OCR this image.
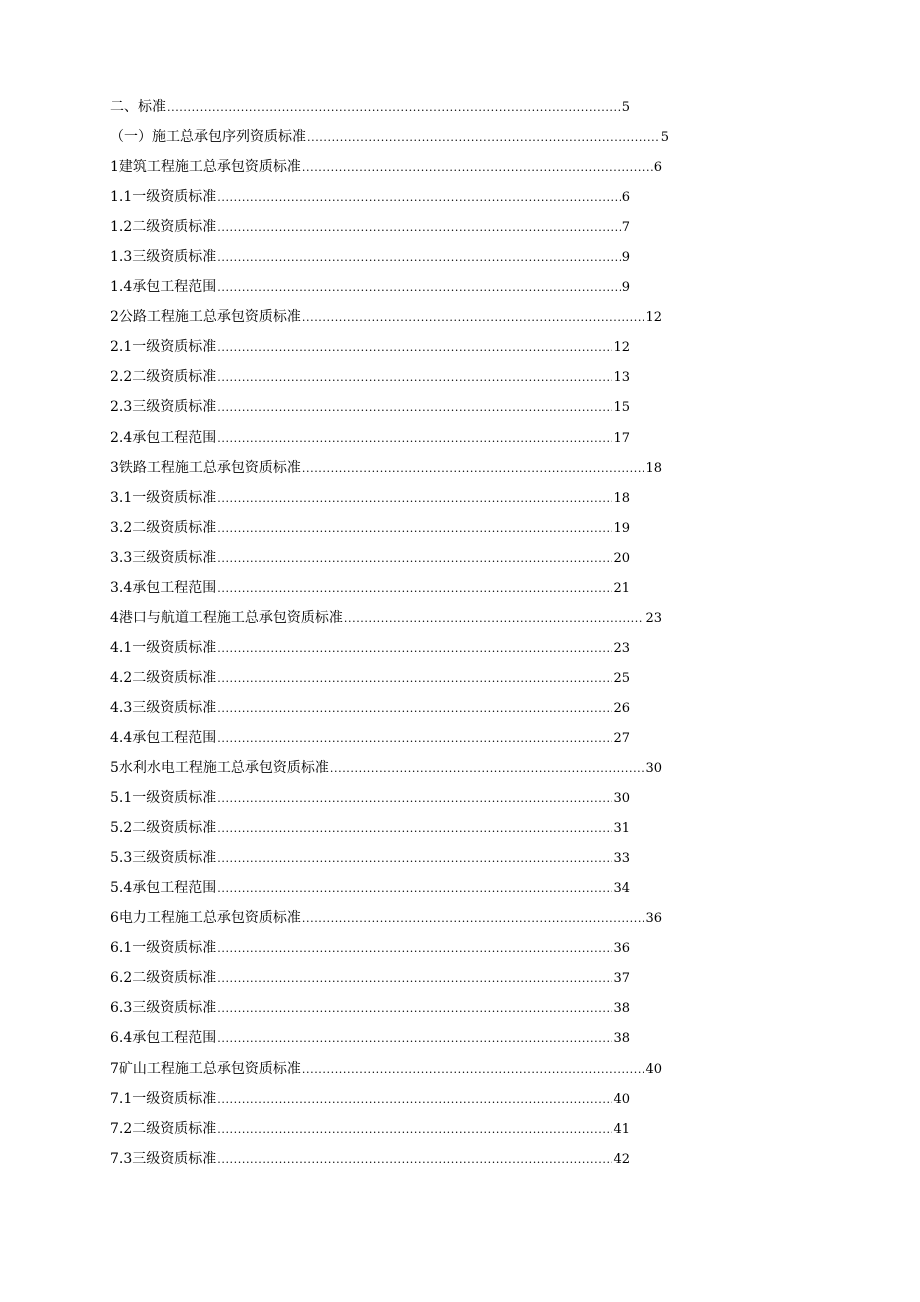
二、标准 .....	5
（一）施工总承包序列资质标准 .....	5
1建筑工程施工总承包资质标准 .....	6
1.1一级资质标准 .....	6
1.2二级资质标准 .....	7
1.3三级资质标准 .....	9
1.4承包工程范围 .....	9
2公路工程施工总承包资质标准 .....	12
2.1一级资质标准 .....	12
2.2二级资质标准 .....	13
2.3三级资质标准 .....	15
2.4承包工程范围 .....	17
3铁路工程施工总承包资质标准 .....	18
3.1一级资质标准 .....	18
3.2二级资质标准 .....	19
3.3三级资质标准 .....	20
3.4承包工程范围 .....	21
4港口与航道工程施工总承包资质标准 .....	23
4.1一级资质标准 .....	23
4.2二级资质标准 .....	25
4.3三级资质标准 .....	26
4.4承包工程范围 .....	27
5水利水电工程施工总承包资质标准 .....	30
5.1一级资质标准 .....	30
5.2二级资质标准 .....	31
5.3三级资质标准 .....	33
5.4承包工程范围 .....	34
6电力工程施工总承包资质标准 .....	36
6.1一级资质标准 .....	36
6.2二级资质标准 .....	37
6.3三级资质标准 .....	38
6.4承包工程范围 .....	38
7矿山工程施工总承包资质标准 .....	40
7.1一级资质标准 .....	40
7.2二级资质标准 .....	41
7.3三级资质标准 .....	42
